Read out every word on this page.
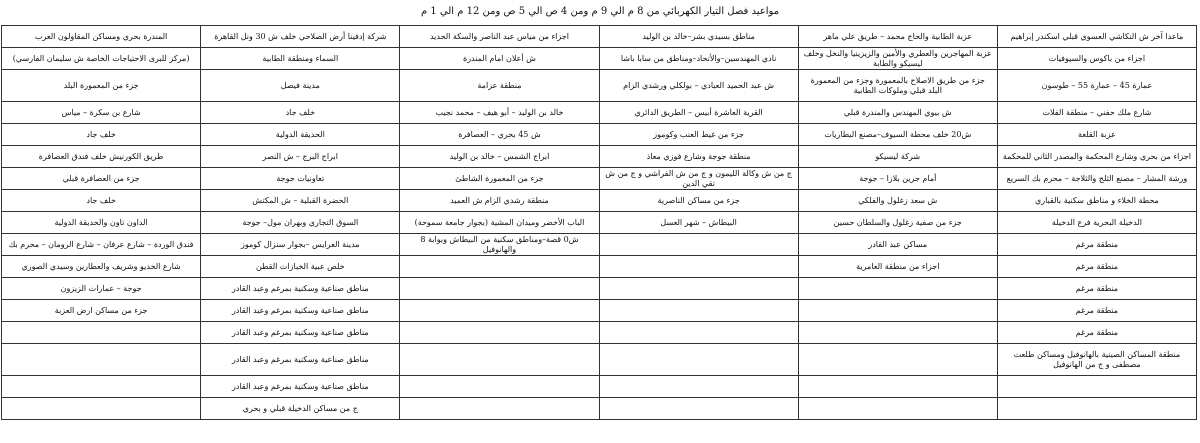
مواعيد فصل التيار الكهربائي من 8 م الي 9 م ومن 4 ص الي 5 ص ومن 12 م الي 1 م
ماعدا آخر ش النكاشي العسوي قبلي اسكندر إبراهيم	عزبة الطابية والحاج محمد – طريق علي ماهر	مناطق بسيدي بشر–خالد بن الوليد	اجزاء من مياس عبد الناصر والسكة الحديد	شركة إدفينا أرض الصلاحي خلف ش 30 ونل القاهرة	المندرة بحري ومساكن المقاولون العرب
اجزاء من باكوس والسيوفيات	عزبة المهاجرين والعطري والأمين والزيزينيا والنخل وخلف ليسيكو والطابة	نادي المهندسين–والأتحاد–ومناطق من سابا باشا	ش أعلان امام المندرة	السماء ومنطقة الطابية	(مركز للبرى الاحتياجات الخاصة ش سليمان الفارسي)
عمارة 45 – عمارة 55 – طوسون	جزء من طريق الاصلاح بالمعمورة وجزء من المعمورة البلد قبلي وملوكات الطابية	ش عبد الحميد العبادي – بولكلي ورشدي الزام	منطقة عزامة	مدينة فيصل	جزء من المعمورة البلد
شارع ملك حفني – منطقة الفلات	ش بيوي المهندس والمندرة قبلي	القرية العاشرة أبيس – الطريق الدائري	خالد بن الوليد – أبو هيف – محمد نجيب	خلف جاد	شارع بن سكرة – مياس
عزبة القلعة	ش20 خلف محطة السيوف–مصنع البطاريات	جزء من غيط العنب وكوموز	ش 45 بحري – العصافرة	الحديقة الدولية	خلف جاد
اجزاء من بحري وشارع المحكمة والمصدر الثاني للمحكمة	شركة ليسيكو	منطقة جوجة وشارع فوزي معاذ	ابراج الشمس – خالد بن الوليد	ابراج البرج – ش النصر	طريق الكورنيش خلف فندق العصافرة
ورشة المشار – مصنع الثلج والثلاجة – محرم بك السريع	أمام جرين بلازا – جوجة	ج من ش وكالة الليمون و ج من ش الفراشي و ج من ش تقي الدين	جزء من المعمورة الشاطئ	تعاونيات جوجة	جزء من العصافرة قبلي
محطة الخلاء و مناطق سكنية بالقباري	ش سعد زغلول والفلكي	جزء من مساكن الناصرية	منطقة رشدي الزام ش العميد	الحضرة القبلية – ش المكتش	خلف جاد
الدخيلة البحرية فرع الدخيلة	جزء من صفية زغلول والسلطان حسين	البيطاش – شهر العسل	الباب الأخضر وميدان المشية (بجوار جامعة سموحة)	السوق التجاري وبهران مول– جوجة	الداون تاون والحديقة الدولية
منطقة مرغم	مساكن عبد القادر		ش0 قصة–ومناطق سكنية من البيطاش وبوابة 8 والهانوفيل	مدينة العرايس –بجوار سنزال كوموز	فندق الوردة – شارع عرفان – شارع الرومان – محرم بك
منطقة مرغم	اجزاء من منطقة العامرية			خلص عبية الخبازات القطن	شارع الخديو وشريف والعطارين وسيدي الصوري
منطقة مرغم				مناطق صناعية وسكنية بمرغم وعبد القادر	جوجة – عمارات الزيزون
منطقة مرغم				مناطق صناعية وسكنية بمرغم وعبد القادر	جزء من مساكن ارض العزبة
منطقة مرغم				مناطق صناعية وسكنية بمرغم وعبد القادر	
منطقة المساكن الصينية بالهانوفيل ومساكن طلعت مصطفى و ج من الهانوفيل				مناطق صناعية وسكنية بمرغم وعبد القادر	
				مناطق صناعية وسكنية بمرغم وعبد القادر	
				ج من مساكن الدخيلة قبلي و بحري	
